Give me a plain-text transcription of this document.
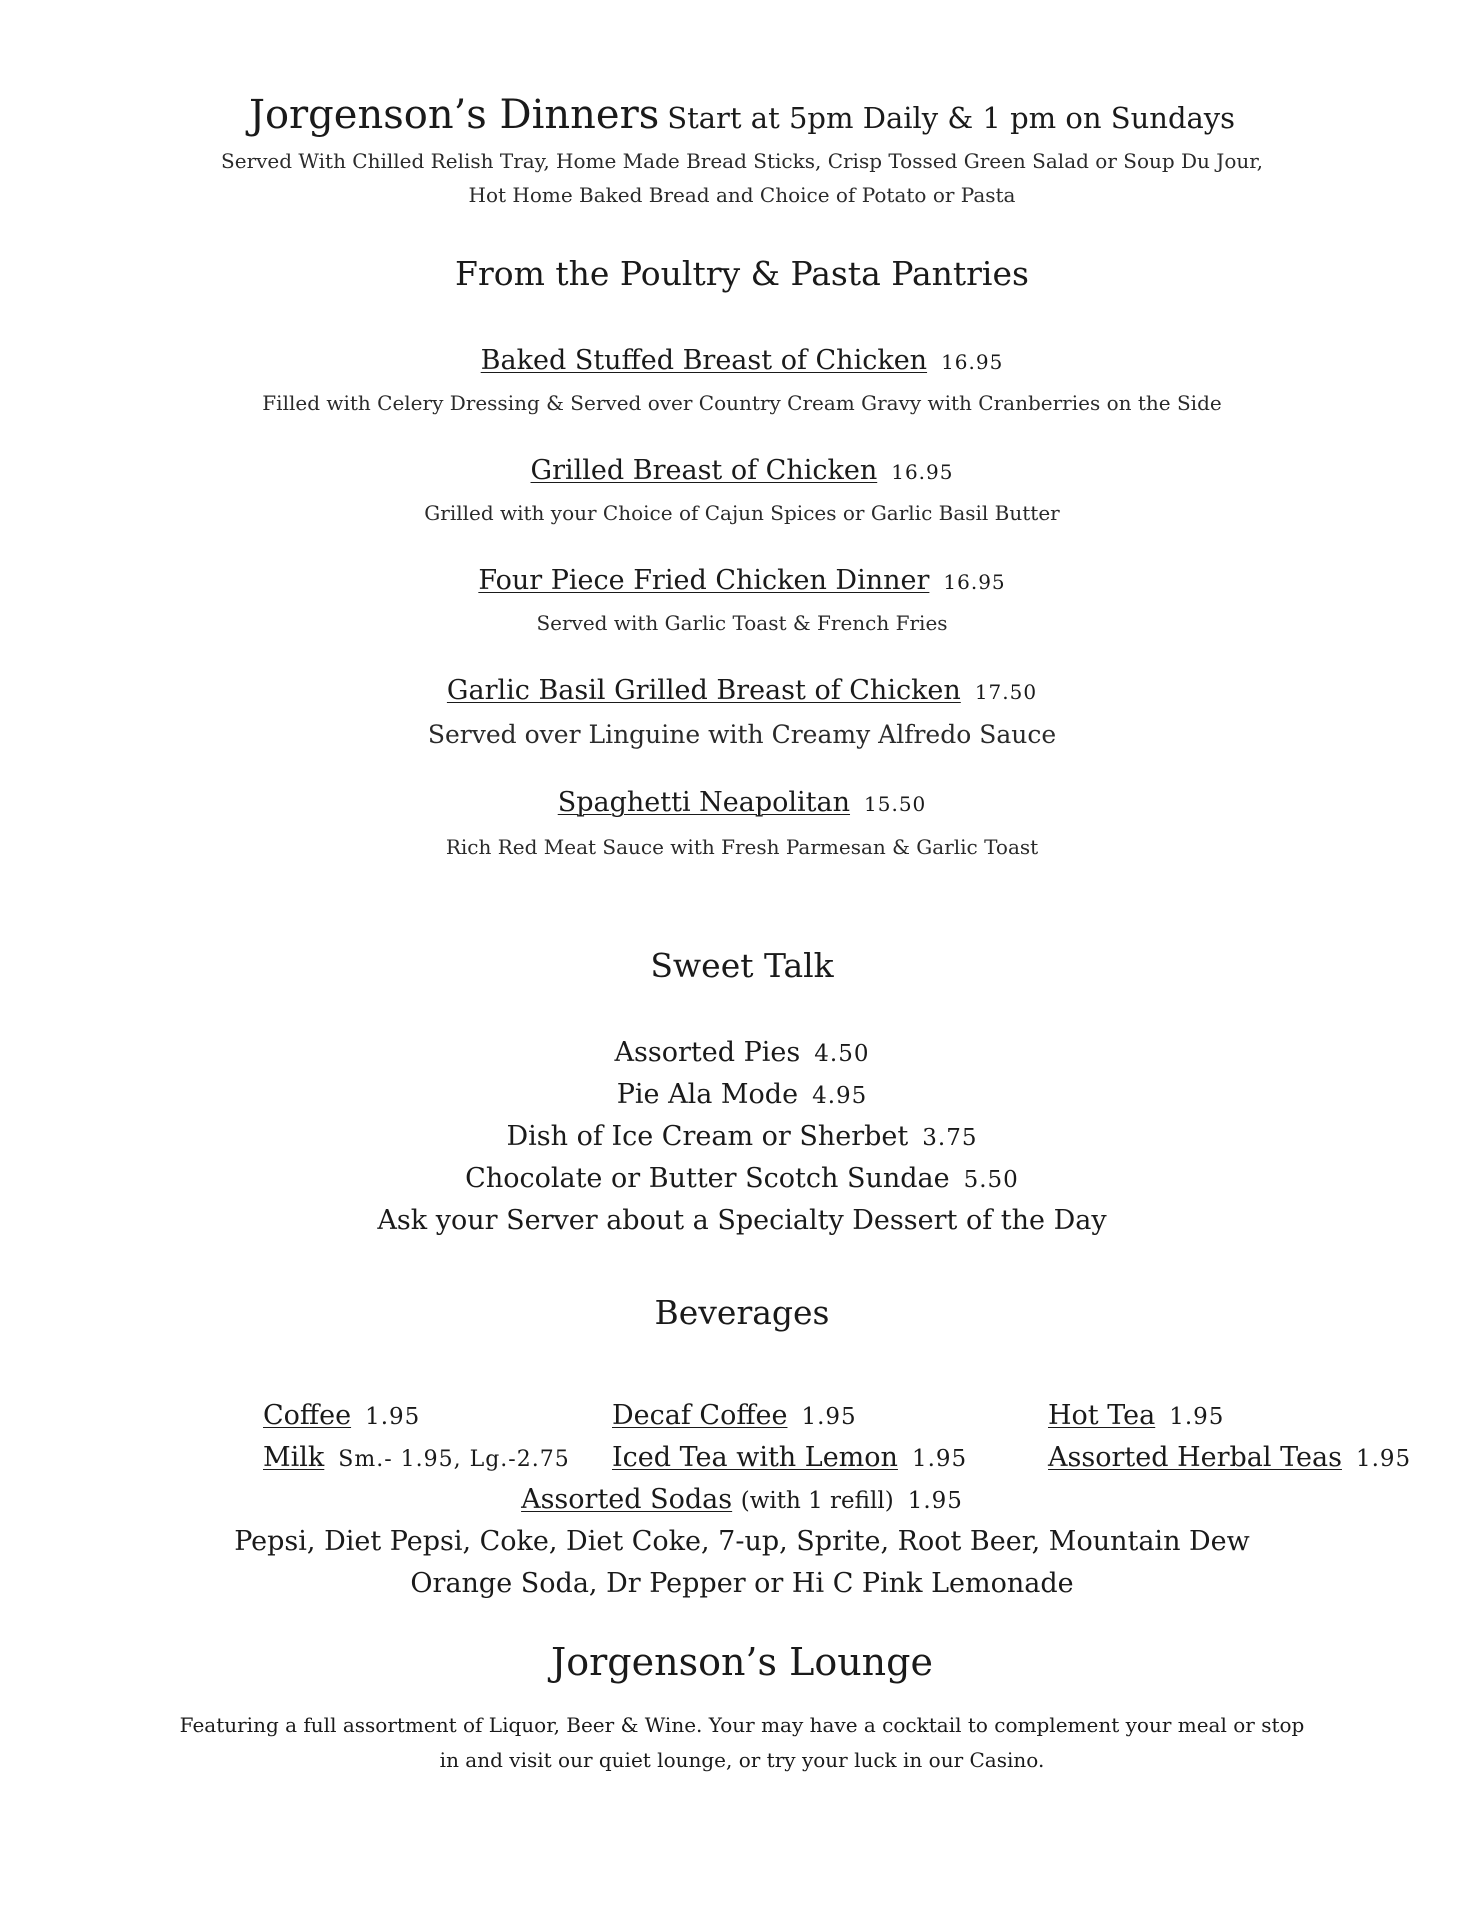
Jorgenson’s Dinners Start at 5pm Daily & 1 pm on Sundays
Served With Chilled Relish Tray, Home Made Bread Sticks, Crisp Tossed Green Salad or Soup Du Jour,
Hot Home Baked Bread and Choice of Potato or Pasta
From the Poultry & Pasta Pantries
Baked Stuffed Breast of Chicken 16.95
Filled with Celery Dressing & Served over Country Cream Gravy with Cranberries on the Side
Grilled Breast of Chicken 16.95
Grilled with your Choice of Cajun Spices or Garlic Basil Butter
Four Piece Fried Chicken Dinner 16.95
Served with Garlic Toast & French Fries
Garlic Basil Grilled Breast of Chicken 17.50
Served over Linguine with Creamy Alfredo Sauce
Spaghetti Neapolitan 15.50
Rich Red Meat Sauce with Fresh Parmesan & Garlic Toast
Sweet Talk
Assorted Pies 4.50
Pie Ala Mode 4.95
Dish of Ice Cream or Sherbet 3.75
Chocolate or Butter Scotch Sundae 5.50
Ask your Server about a Specialty Dessert of the Day
Beverages
Coffee 1.95	Decaf Coffee 1.95	Hot Tea 1.95
Milk Sm.- 1.95, Lg.-2.75 Iced Tea with Lemon 1.95	Assorted Herbal Teas 1.95
Assorted Sodas (with 1 refill) 1.95
Pepsi, Diet Pepsi, Coke, Diet Coke, 7-up, Sprite, Root Beer, Mountain Dew
Orange Soda, Dr Pepper or Hi C Pink Lemonade
Jorgenson’s Lounge
Featuring a full assortment of Liquor, Beer & Wine. Your may have a cocktail to complement your meal or stop
in and visit our quiet lounge, or try your luck in our Casino.
